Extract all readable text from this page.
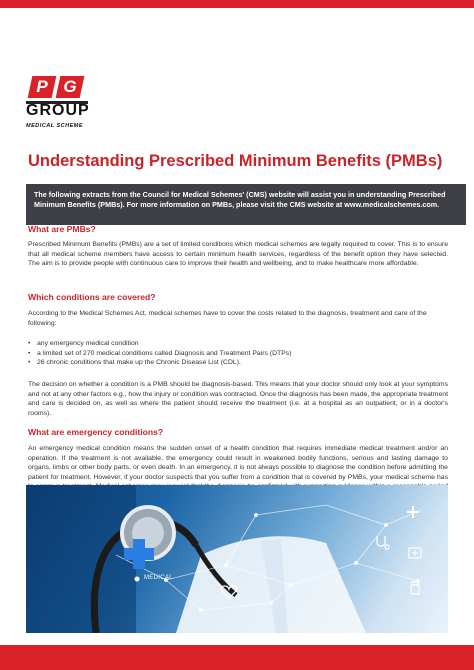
P G
GROUP
MEDICAL SCHEME
Understanding Prescribed Minimum Benefits (PMBs)
The following extracts from the Council for Medical Schemes' (CMS) website will assist you in understanding Prescribed Minimum Benefits (PMBs). For more information on PMBs, please visit the CMS website at www.medicalschemes.com.
What are PMBs?

Prescribed Minimum Benefits (PMBs) are a set of limited conditions which medical schemes are legally required to cover. This is to ensure that all medical scheme members have access to certain minimum health services, regardless of the benefit option they have selected. The aim is to provide people with continuous care to improve their health and wellbeing, and to make healthcare more affordable.

Which conditions are covered?

According to the Medical Schemes Act, medical schemes have to cover the costs related to the diagnosis, treatment and care of the following:

• any emergency medical condition
• a limited set of 270 medical conditions called Diagnosis and Treatment Pairs (DTPs)
• 26 chronic conditions that make up the Chronic Disease List (CDL).

The decision on whether a condition is a PMB should be diagnosis-based. This means that your doctor should only look at your symptoms and not at any other factors e.g., how the injury or condition was contracted. Once the diagnosis has been made, the appropriate treatment and care is decided on, as well as where the patient should receive the treatment (i.e. at a hospital as an outpatient, or in a doctor's rooms).

What are emergency conditions?

An emergency medical condition means the sudden onset of a health condition that requires immediate medical treatment and/or an operation. If the treatment is not available, the emergency could result in weakened bodily functions, serious and lasting damage to organs, limbs or other body parts, or even death. In an emergency, it is not always possible to diagnose the condition before admitting the patient for treatment. However, if your doctor suspects that you suffer from a condition that is covered by PMBs, your medical scheme has

MEDICAL
